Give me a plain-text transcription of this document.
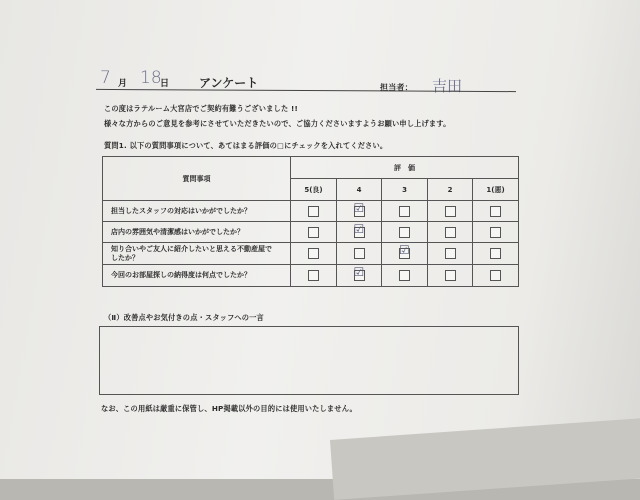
7 月 18
日 アンケート	担当者： 吉田
この度はラテルーム大宮店でご契約有難うございました !!
様々な方からのご意見を参考にさせていただきたいので、ご協力くださいますようお願い申し上げます。
質問1. 以下の質問事項について、あてはまる評価の□にチェックを入れてください。
質問事項	評　価				
	5(良)	4	3	2	1(悪)
担当したスタッフの対応はいかがでしたか？		☑			

店内の雰囲気や清潔感はいかがでしたか？		☑			

知り合いやご友人に紹介したいと思える不動産屋で
したか？			☑		

今回のお部屋探しの納得度は何点でしたか？		☑			

（Ⅱ）改善点やお気付きの点・スタッフへの一言
なお、この用紙は厳重に保管し、HP掲載以外の目的には使用いたしません。
